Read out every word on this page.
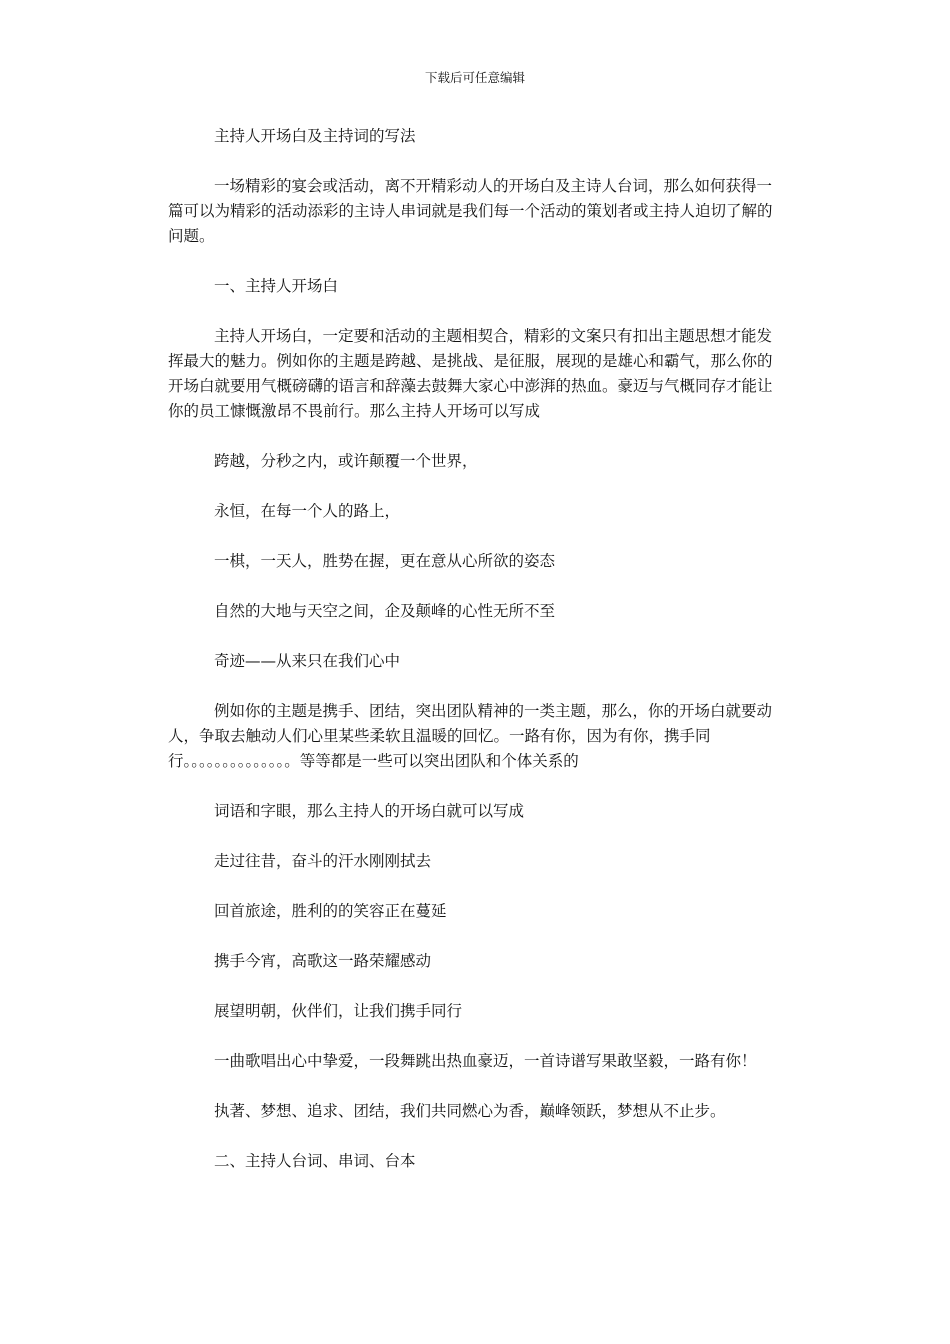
下载后可任意编辑

主持人开场白及主持词的写法

一场精彩的宴会或活动，离不开精彩动人的开场白及主诗人台词，那么如何获得一篇可以为精彩的活动添彩的主诗人串词就是我们每一个活动的策划者或主持人迫切了解的问题。

一、主持人开场白

主持人开场白，一定要和活动的主题相契合，精彩的文案只有扣出主题思想才能发挥最大的魅力。例如你的主题是跨越、是挑战、是征服，展现的是雄心和霸气，那么你的开场白就要用气概磅礴的语言和辞藻去鼓舞大家心中澎湃的热血。豪迈与气概同存才能让你的员工慷慨激昂不畏前行。那么主持人开场可以写成

跨越，分秒之内，或许颠覆一个世界，

永恒，在每一个人的路上，

一棋，一天人，胜势在握，更在意从心所欲的姿态

自然的大地与天空之间，企及颠峰的心性无所不至

奇迹——从来只在我们心中

例如你的主题是携手、团结，突出团队精神的一类主题，那么，你的开场白就要动人，争取去触动人们心里某些柔软且温暖的回忆。一路有你，因为有你，携手同行。。。。。。。。。。。。。。等等都是一些可以突出团队和个体关系的

词语和字眼，那么主持人的开场白就可以写成

走过往昔，奋斗的汗水刚刚拭去

回首旅途，胜利的的笑容正在蔓延

携手今宵，高歌这一路荣耀感动

展望明朝，伙伴们，让我们携手同行

一曲歌唱出心中挚爱，一段舞跳出热血豪迈，一首诗谱写果敢坚毅，一路有你！

执著、梦想、追求、团结，我们共同燃心为香，巅峰领跃，梦想从不止步。

二、主持人台词、串词、台本
